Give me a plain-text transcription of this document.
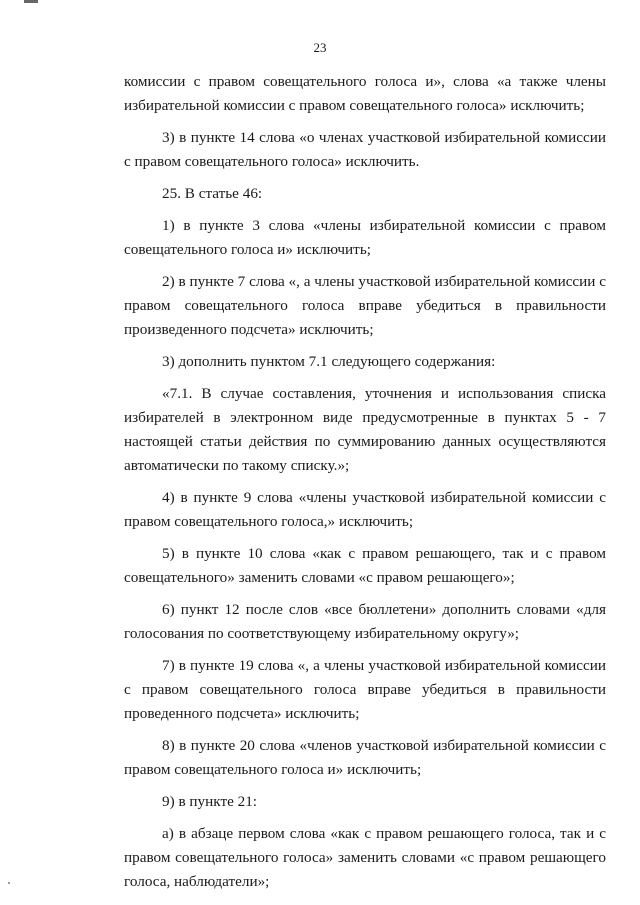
23

комиссии с правом совещательного голоса и», слова «а также члены избирательной комиссии с правом совещательного голоса» исключить;

3) в пункте 14 слова «о членах участковой избирательной комиссии с правом совещательного голоса» исключить.

25. В статье 46:

1) в пункте 3 слова «члены избирательной комиссии с правом совещательного голоса и» исключить;

2) в пункте 7 слова «, а члены участковой избирательной комиссии с правом совещательного голоса вправе убедиться в правильности произведенного подсчета» исключить;

3) дополнить пунктом 7.1 следующего содержания:

«7.1. В случае составления, уточнения и использования списка избирателей в электронном виде предусмотренные в пунктах 5 - 7 настоящей статьи действия по суммированию данных осуществляются автоматически по такому списку.»;

4) в пункте 9 слова «члены участковой избирательной комиссии с правом совещательного голоса,» исключить;

5) в пункте 10 слова «как с правом решающего, так и с правом совещательного» заменить словами «с правом решающего»;

6) пункт 12 после слов «все бюллетени» дополнить словами «для голосования по соответствующему избирательному округу»;

7) в пункте 19 слова «, а члены участковой избирательной комиссии с правом совещательного голоса вправе убедиться в правильности проведенного подсчета» исключить;

8) в пункте 20 слова «членов участковой избирательной комиссии с правом совещательного голоса и» исключить;

9) в пункте 21:

а) в абзаце первом слова «как с правом решающего голоса, так и с правом совещательного голоса» заменить словами «с правом решающего голоса, наблюдатели»;
